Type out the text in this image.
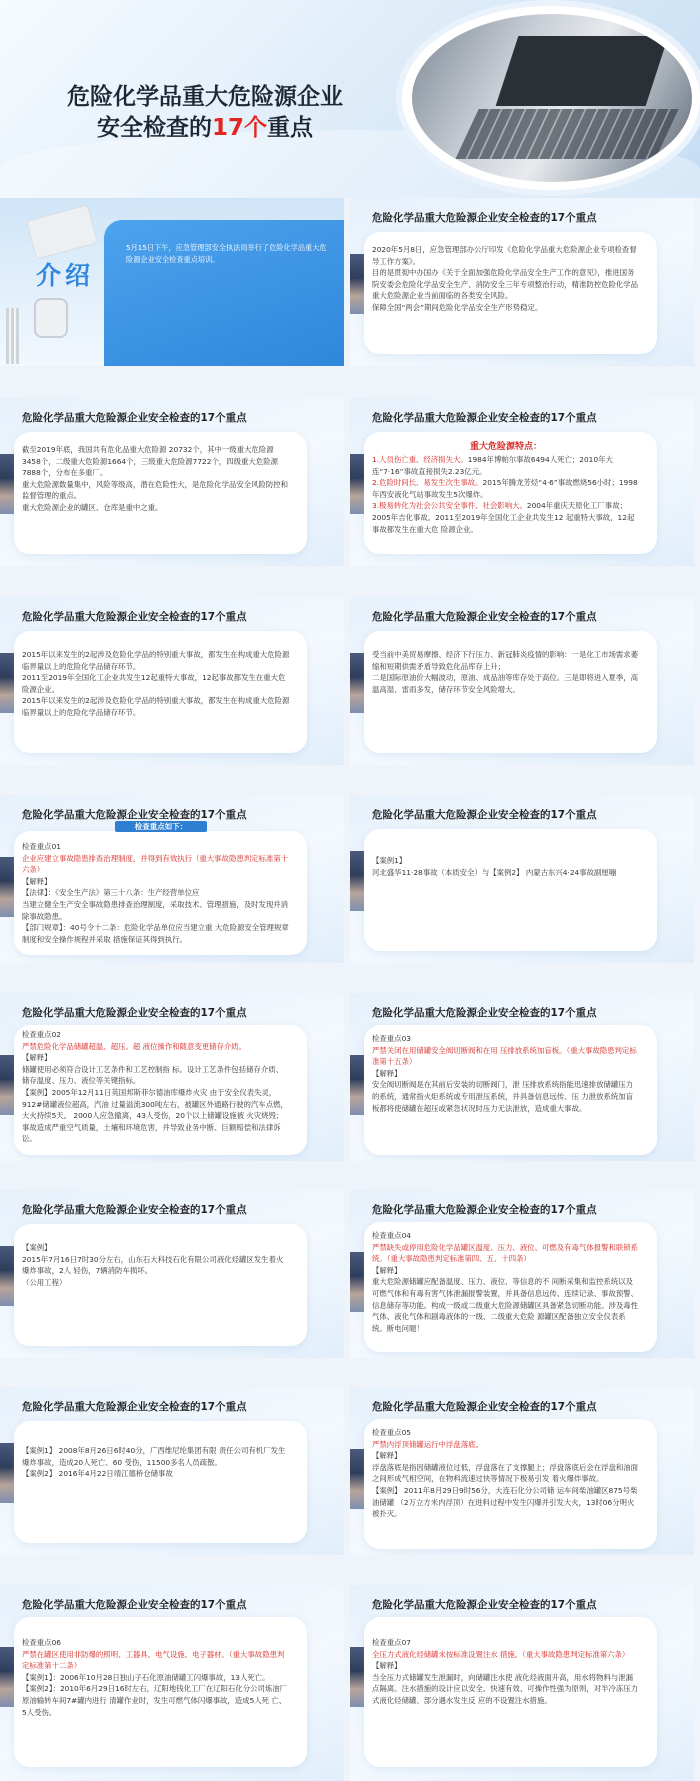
危险化学品重大危险源企业
安全检查的17个重点
介绍
5月15日下午，应急管理部安全执法局举行了危险化学品重大危险源企业安全检查重点培训。
危险化学品重大危险源企业安全检查的17个重点

2020年5月8日，应急管理部办公厅印发《危险化学品重大危险源企业专项检查督导工作方案》。

目的是贯彻中办国办《关于全面加强危险化学品安全生产工作的意见》，推进国务院安委会危险化学品安全生产、消防安全三年专项整治行动，精准防控危险化学品重大危险源企业当前面临的各类安全风险。

保障全国“两会”期间危险化学品安全生产形势稳定。

危险化学品重大危险源企业安全检查的17个重点

截至2019年底，我国共有危化品重大危险源 20732个，其中一级重大危险源3458个，二级重大危险源1664个，三级重大危险源7722个，四级重大危险源7888个，分布在多重厂。

重大危险源数量集中，风险等级高，潜在危险性大，是危险化学品安全风险防控和监督管理的重点。

重大危险源企业的罐区、仓库是重中之重。

危险化学品重大危险源企业安全检查的17个重点

重大危险源特点：

1.人员伤亡重、经济损失大。1984年博帕尔事故6494人死亡；2010年大连“7·16”事故直接损失2.23亿元。

2.危险时间长、易发生次生事故。2015年腾龙芳烃“4·6”事故燃烧56小时；1998年西安液化气站事故发生5次爆炸。

3.极易转化为社会公共安全事件、社会影响大。2004年重庆天原化工厂事故；2005年吉化事故。2011至2019年全国化工企业共发生12 起重特大事故，12起事故都发生在重大危 险源企业。

危险化学品重大危险源企业安全检查的17个重点

2015年以来发生的2起涉及危险化学品的特别重大事故，都发生在构成重大危险源临界量以上的危险化学品储存环节。

2011至2019年全国化工企业共发生12起重特大事故，12起事故都发生在重大危险源企业。

2015年以来发生的2起涉及危险化学品的特别重大事故，都发生在构成重大危险源临界量以上的危险化学品储存环节。

危险化学品重大危险源企业安全检查的17个重点

受当前中美贸易摩擦、经济下行压力、新冠肺炎疫情的影响：一是化工市场需求萎缩和短期供需矛盾导致危化品库存上升；

二是国际原油价大幅波动，原油、成品油等库存处于高位。三是即将进入夏季，高温高湿、雷雨多发，储存环节安全风险增大。

危险化学品重大危险源企业安全检查的17个重点
检查重点如下：

检查重点01

企业应建立事故隐患排查治理制度，并得到有效执行（重大事故隐患判定标准第十六条）

【解释】

【法律】：《安全生产法》第三十八条：生产经营单位应

当建立健全生产安全事故隐患排查治理制度，采取技术、管理措施，及时发现并消除事故隐患。

【部门规章】：40号令十二条：危险化学品单位应当建立重 大危险源安全管理规章制度和安全操作规程并采取 措施保证其得到执行。

危险化学品重大危险源企业安全检查的17个重点

【案例1】

河北盛华11·28事故（本质安全）与【案例2】 内蒙古东兴4·24事故副厘嘣

危险化学品重大危险源企业安全检查的17个重点

检查重点02

严禁危险化学品储罐超温、超压、超 液位操作和随意变更储存介质。

【解释】

储罐使用必须符合设计工艺条件和工艺控制指 标。设计工艺条件包括储存介质、储存温度、压力、液位等关键指标。

【案例】2005年12月11日英国邦斯菲尔德油库爆炸火灾 由于安全仪表失灵，912#储罐液位超高，汽油 过量溢流300吨左右，被罐区外通路行驶的汽车点燃，大火持续5天。 2000人应急撤离，43人受伤，20个以上储罐设施被 火灾烧毁；事故造成严重空气质量，土壤和环境危害，并导致业务中断、巨额赔偿和法律诉讼。

危险化学品重大危险源企业安全检查的17个重点

检查重点03

严禁关闭在用储罐安全阀切断阀和在用 压排放系统加盲板。（重大事故隐患判定标准第十五条）

【解释】

安全阀切断阀是在其前后安装的切断阀门，泄 压排放系统指能迅速排放储罐压力的系统，通常指火炬系统或专用泄压系统，并具备信息远传、压 力泄放系统加盲板都将使储罐在超压或紧急状况时压力无法泄放，造成重大事故。

危险化学品重大危险源企业安全检查的17个重点

【案例】

2015年7月16日7时30分左右，山东石大科技石化有限公司液化烃罐区发生着火爆炸事故，2人 轻伤，7辆消防车损坏。

（公用工程）

危险化学品重大危险源企业安全检查的17个重点

检查重点04

严禁缺失或停用危险化学品罐区温度、压力、液位、可燃及有毒气体报警和联锁系统。（重大事故隐患判定标准第四、五、十四条）

【解释】

重大危险源储罐应配备温度、压力、液位、等信息的不 间断采集和监控系统以及可燃气体和有毒有害气体泄漏报警装置，并具备信息远传、连续记录、事故预警、信息储存等功能。构成一级或二级重大危险源储罐区具备紧急切断功能。涉及毒性气体、液化气体和剧毒液体的一级、二级重大危险 源罐区配备独立安全仪表系统。断电问题！

危险化学品重大危险源企业安全检查的17个重点

【案例1】 2008年8月26日6时40分，广西维尼纶集团有限 责任公司有机厂发生爆炸事故，造成20人死亡、60 受伤，11500多名人员疏散。

【案例2】 2016年4月22日靖江德桥仓储事故

危险化学品重大危险源企业安全检查的17个重点

检查重点05

严禁内浮顶储罐运行中浮盘落底。

【解释】

浮盘落底是指因储罐液位过低，浮盘落在了支撑腿上；浮盘落底后会在浮盘和油面之间形成气相空间，在物料流速过快等情况下极易引发 着火爆炸事故。

【案例】 2011年8月29日9时56分，大连石化分公司储 运车间柴油罐区875号柴油储罐 （2万立方米内浮顶）在进料过程中发生闪爆并引发大火，13时06分明火被扑灭。

危险化学品重大危险源企业安全检查的17个重点

检查重点06

严禁在罐区使用非防爆的照明、工器具、电气设施、电子器材。（重大事故隐患判定标准第十二条）

【案例1】：2006年10月28日独山子石化原油储罐工闪爆事故，13人死亡。

【案例2】：2010年6月29日16时左右，辽阳地钱化工厂在辽阳石化分公司炼油厂原油输转车间7#罐内进行 清罐作业时，发生可燃气体闪爆事故，造成5人死 亡、5人受伤。

危险化学品重大危险源企业安全检查的17个重点

检查重点07

全压力式液化烃储罐未按标准设置注水 措施。（重大事故隐患判定标准第六条）

【解释】

当全压力式储罐发生泄漏时，向储罐注水使 液化烃液面升高，用水将物料与泄漏点隔离。注水措施的设计应以安全、快速有效、可操作性强为原则，对半冷冻压力式液化烃储罐、部分遇水发生反 应的不设置注水措施。
